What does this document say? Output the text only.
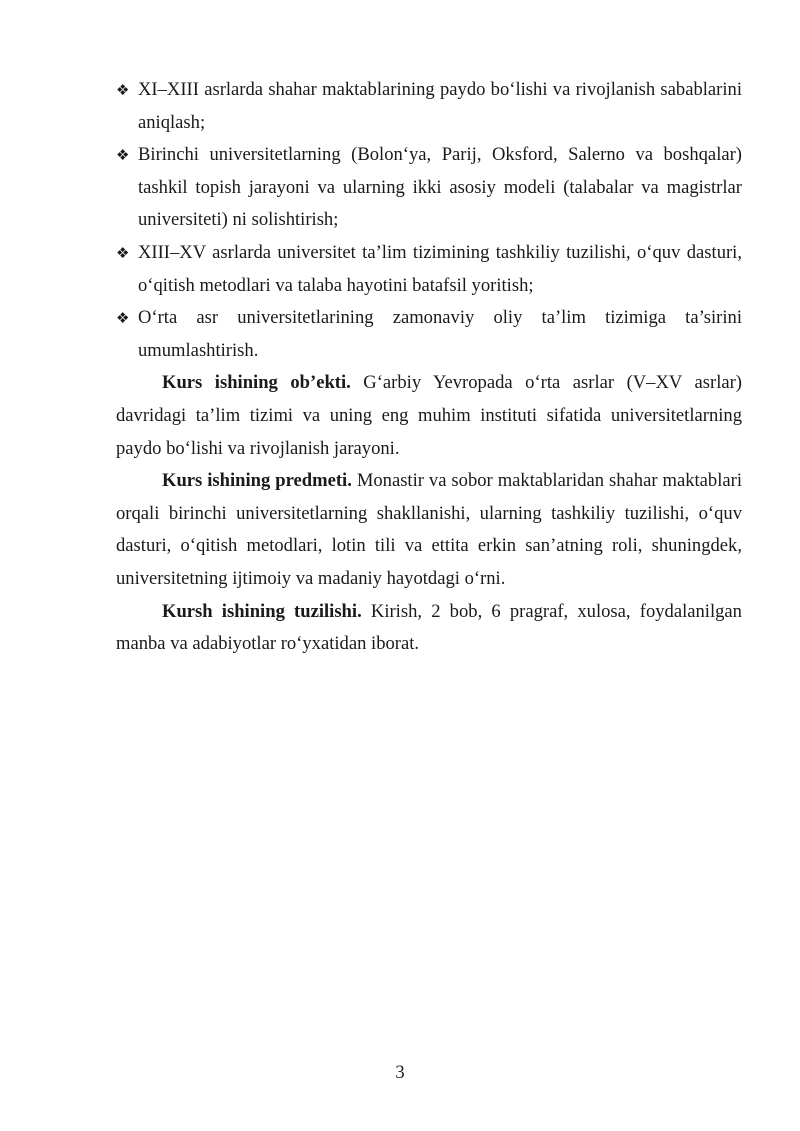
❖ XI–XIII asrlarda shahar maktablarining paydo bo‘lishi va rivojlanish sabablarini aniqlash;
❖ Birinchi universitetlarning (Bolon‘ya, Parij, Oksford, Salerno va boshqalar) tashkil topish jarayoni va ularning ikki asosiy modeli (talabalar va magistrlar universiteti) ni solishtirish;
❖ XIII–XV asrlarda universitet ta’lim tizimining tashkiliy tuzilishi, o‘quv dasturi, o‘qitish metodlari va talaba hayotini batafsil yoritish;
❖ O‘rta asr universitetlarining zamonaviy oliy ta’lim tizimiga ta’sirini umumlashtirish.

Kurs ishining ob’ekti. G‘arbiy Yevropada o‘rta asrlar (V–XV asrlar) davridagi ta’lim tizimi va uning eng muhim instituti sifatida universitetlarning paydo bo‘lishi va rivojlanish jarayoni.

Kurs ishining predmeti. Monastir va sobor maktablaridan shahar maktablari orqali birinchi universitetlarning shakllanishi, ularning tashkiliy tuzilishi, o‘quv dasturi, o‘qitish metodlari, lotin tili va ettita erkin san’atning roli, shuningdek, universitetning ijtimoiy va madaniy hayotdagi o‘rni.

Kursh ishining tuzilishi. Kirish, 2 bob, 6 pragraf, xulosa, foydalanilgan manba va adabiyotlar ro‘yxatidan iborat.

3
